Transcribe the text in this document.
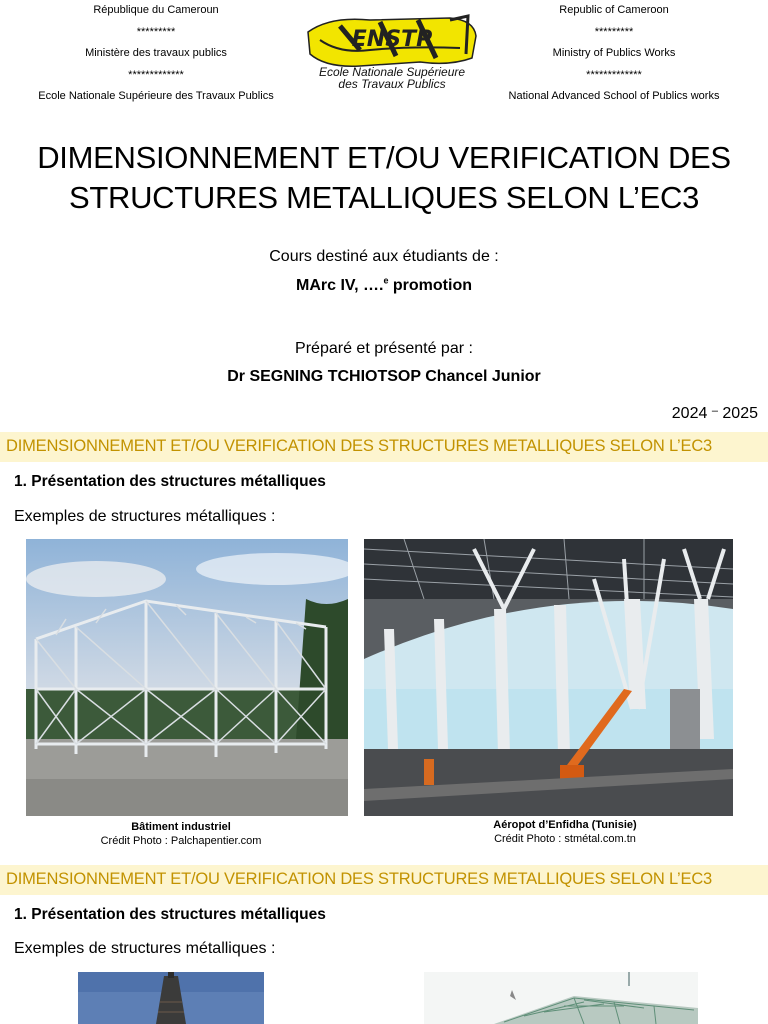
République du Cameroun
*********
Ministère des travaux publics
*************
Ecole Nationale Supérieure des Travaux Publics
ENSTP
Ecole Nationale Supérieure
des Travaux Publics
Republic of Cameroon
*********
Ministry of Publics Works
*************
National Advanced School of Publics works
DIMENSIONNEMENT ET/OU VERIFICATION DES
STRUCTURES METALLIQUES SELON L’EC3
Cours destiné aux étudiants de :
MArc IV, ….$^e$ promotion
Préparé et présenté par :
Dr SEGNING TCHIOTSOP Chancel Junior
2024 – 2025
DIMENSIONNEMENT ET/OU VERIFICATION DES STRUCTURES METALLIQUES SELON L’EC3
1. Présentation des structures métalliques
Exemples de structures métalliques :
Bâtiment industriel
Crédit Photo : Palchapentier.com
Aéropot d’Enfidha (Tunisie)
Crédit Photo : stmétal.com.tn
DIMENSIONNEMENT ET/OU VERIFICATION DES STRUCTURES METALLIQUES SELON L’EC3
1. Présentation des structures métalliques
Exemples de structures métalliques :
